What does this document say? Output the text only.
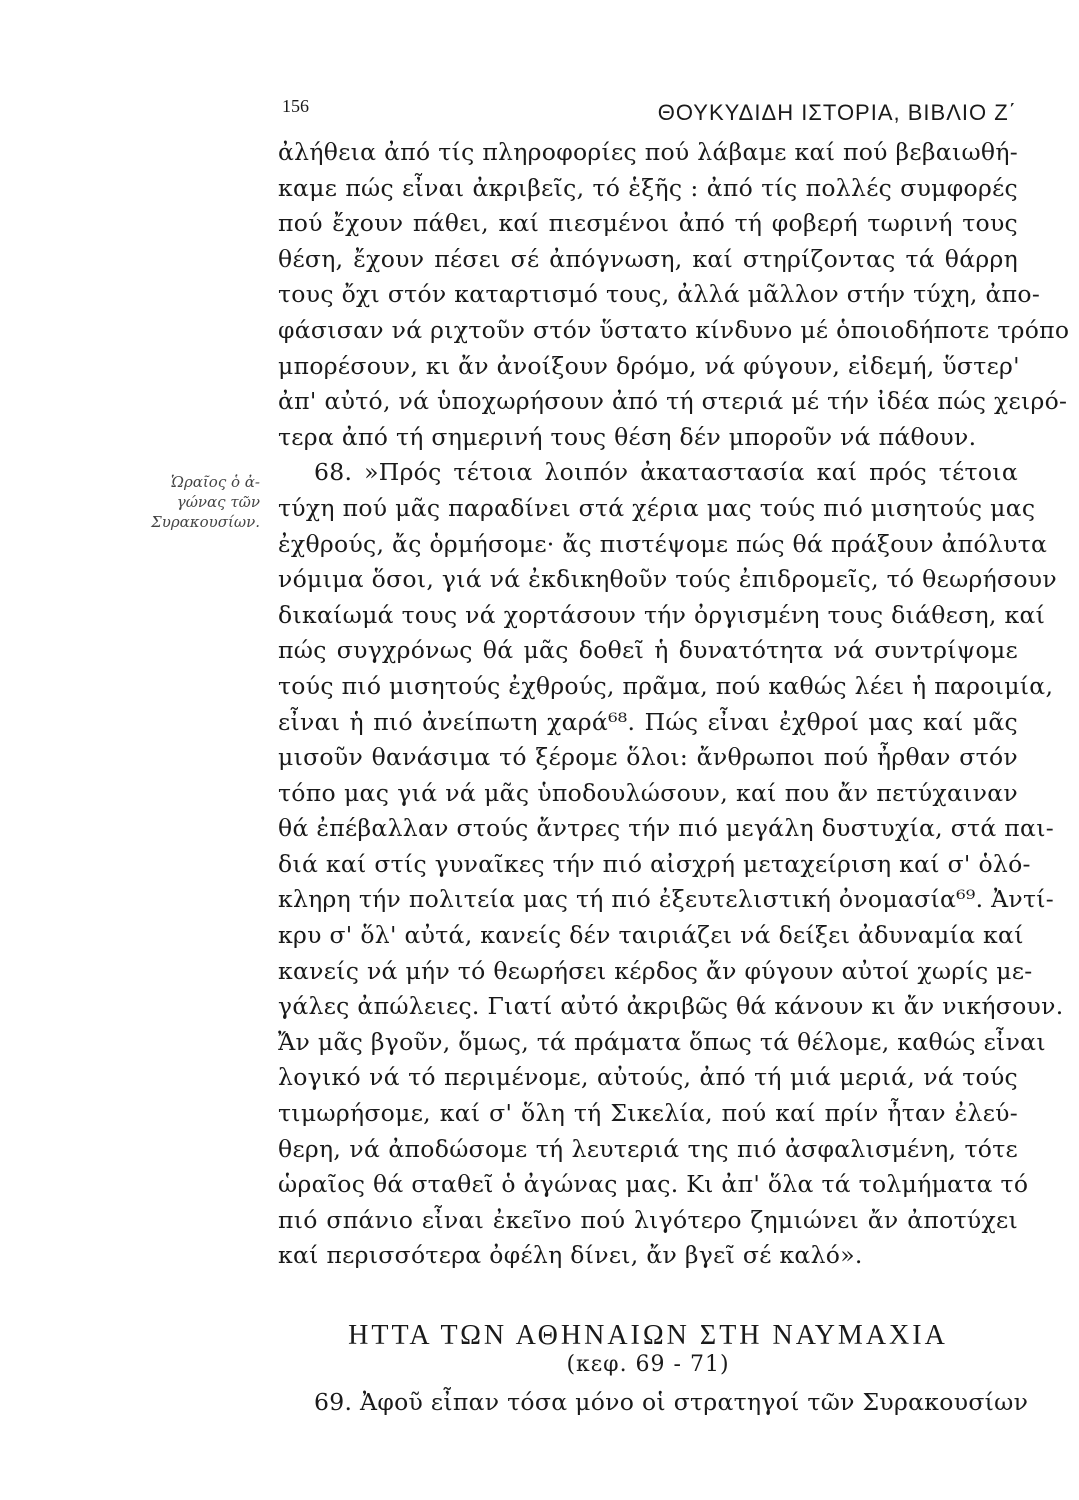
156	ΘΟΥΚΥΔΙΔΗ ΙΣΤΟΡΙΑ, ΒΙΒΛΙΟ Ζ΄
Ὡραῖος ὁ ἀ-
γώνας τῶν
Συρακουσίων.
ἀλήθεια ἀπό τίς πληροφορίες πού λάβαμε καί πού βεβαιωθή-
καμε πώς εἶναι ἀκριβεῖς, τό ἑξῆς : ἀπό τίς πολλές συμφορές
πού ἔχουν πάθει, καί πιεσμένοι ἀπό τή φοβερή τωρινή τους
θέση, ἔχουν πέσει σέ ἀπόγνωση, καί στηρίζοντας τά θάρρη
τους ὄχι στόν καταρτισμό τους, ἀλλά μᾶλλον στήν τύχη, ἀπο-
φάσισαν νά ριχτοῦν στόν ὕστατο κίνδυνο μέ ὁποιοδήποτε τρόπο
μπορέσουν, κι ἄν ἀνοίξουν δρόμο, νά φύγουν, εἰδεμή, ὕστερ'
ἀπ' αὐτό, νά ὑποχωρήσουν ἀπό τή στεριά μέ τήν ἰδέα πώς χειρό-
τερα ἀπό τή σημερινή τους θέση δέν μποροῦν νά πάθουν.
68. »Πρός τέτοια λοιπόν ἀκαταστασία καί πρός τέτοια
τύχη πού μᾶς παραδίνει στά χέρια μας τούς πιό μισητούς μας
ἐχθρούς, ἄς ὁρμήσομε· ἄς πιστέψομε πώς θά πράξουν ἀπόλυτα
νόμιμα ὅσοι, γιά νά ἐκδικηθοῦν τούς ἐπιδρομεῖς, τό θεωρήσουν
δικαίωμά τους νά χορτάσουν τήν ὀργισμένη τους διάθεση, καί
πώς συγχρόνως θά μᾶς δοθεῖ ἡ δυνατότητα νά συντρίψομε
τούς πιό μισητούς ἐχθρούς, πρᾶμα, πού καθώς λέει ἡ παροιμία,
εἶναι ἡ πιό ἀνείπωτη χαρά⁶⁸. Πώς εἶναι ἐχθροί μας καί μᾶς
μισοῦν θανάσιμα τό ξέρομε ὅλοι: ἄνθρωποι πού ἦρθαν στόν
τόπο μας γιά νά μᾶς ὑποδουλώσουν, καί που ἄν πετύχαιναν
θά ἐπέβαλλαν στούς ἄντρες τήν πιό μεγάλη δυστυχία, στά παι-
διά καί στίς γυναῖκες τήν πιό αἰσχρή μεταχείριση καί σ' ὁλό-
κληρη τήν πολιτεία μας τή πιό ἐξευτελιστική ὀνομασία⁶⁹. Ἀντί-
κρυ σ' ὅλ' αὐτά, κανείς δέν ταιριάζει νά δείξει ἀδυναμία καί
κανείς νά μήν τό θεωρήσει κέρδος ἄν φύγουν αὐτοί χωρίς με-
γάλες ἀπώλειες. Γιατί αὐτό ἀκριβῶς θά κάνουν κι ἄν νικήσουν.
Ἄν μᾶς βγοῦν, ὅμως, τά πράματα ὅπως τά θέλομε, καθώς εἶναι
λογικό νά τό περιμένομε, αὐτούς, ἀπό τή μιά μεριά, νά τούς
τιμωρήσομε, καί σ' ὅλη τή Σικελία, πού καί πρίν ἦταν ἐλεύ-
θερη, νά ἀποδώσομε τή λευτεριά της πιό ἀσφαλισμένη, τότε
ὡραῖος θά σταθεῖ ὁ ἀγώνας μας. Κι ἀπ' ὅλα τά τολμήματα τό
πιό σπάνιο εἶναι ἐκεῖνο πού λιγότερο ζημιώνει ἄν ἀποτύχει
καί περισσότερα ὀφέλη δίνει, ἄν βγεῖ σέ καλό».
ΗΤΤΑ ΤΩΝ ΑΘΗΝΑΙΩΝ ΣΤΗ ΝΑΥΜΑΧΙΑ
(κεφ. 69 - 71)
69. Ἀφοῦ εἶπαν τόσα μόνο οἱ στρατηγοί τῶν Συρακουσίων
